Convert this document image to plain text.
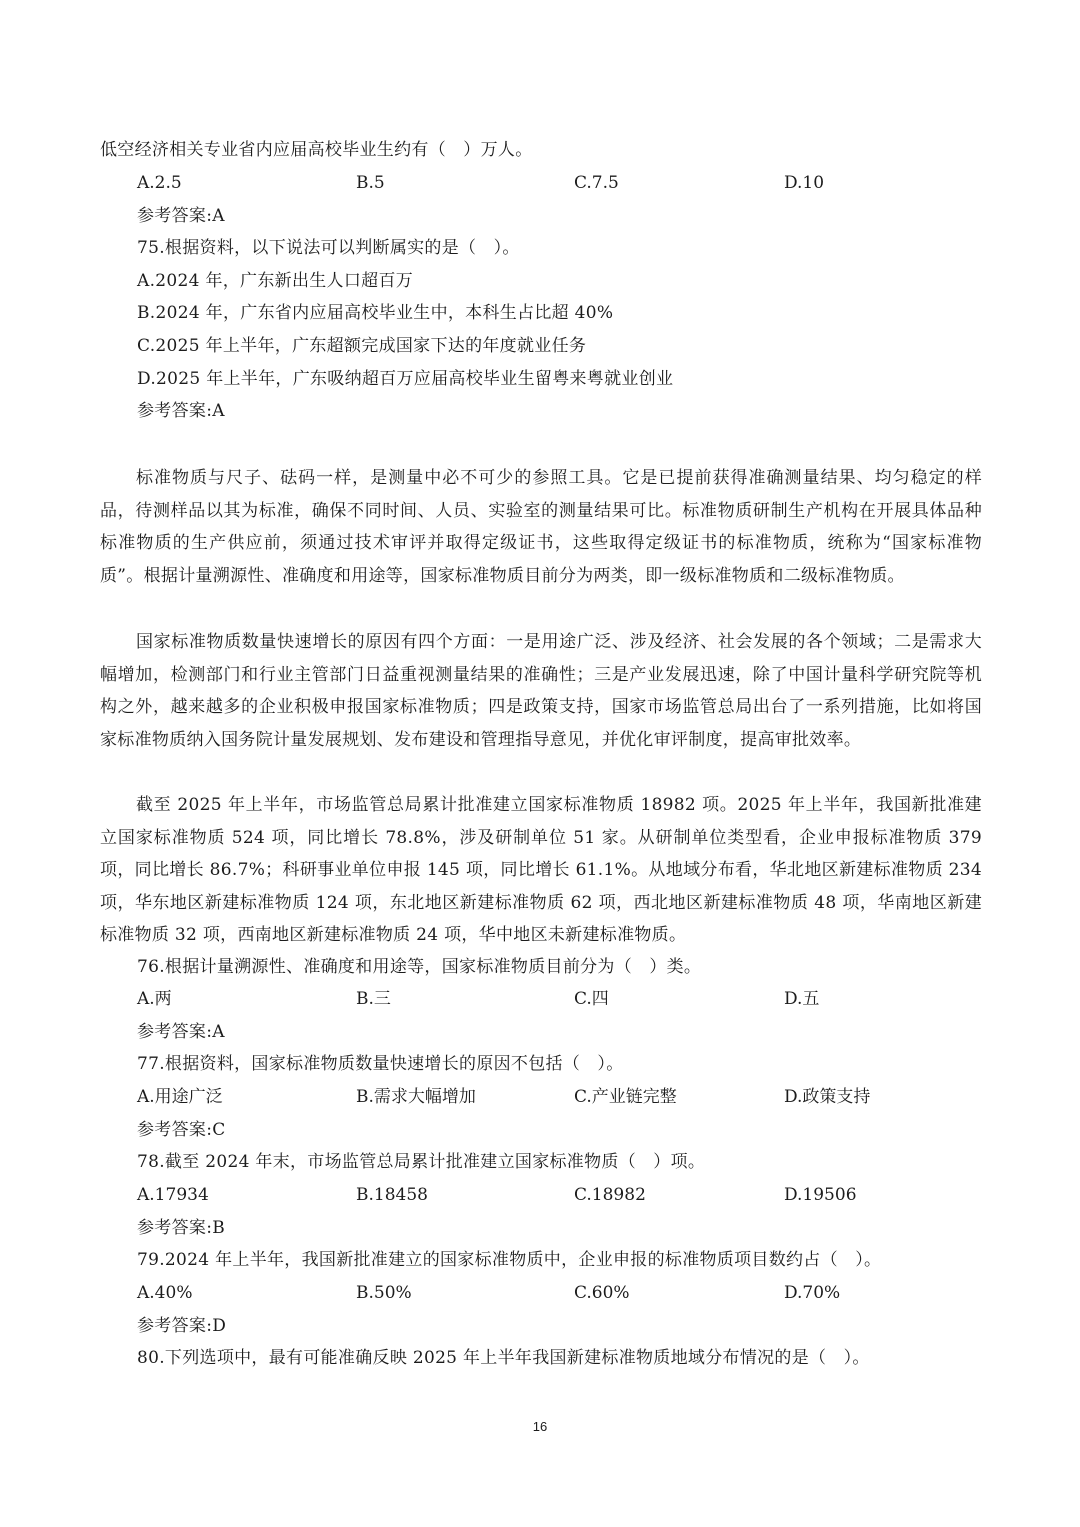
低空经济相关专业省内应届高校毕业生约有（　）万人。
A.2.5	B.5	C.7.5	D.10
参考答案:A
75.根据资料，以下说法可以判断属实的是（　）。
A.2024 年，广东新出生人口超百万
B.2024 年，广东省内应届高校毕业生中，本科生占比超 40%
C.2025 年上半年，广东超额完成国家下达的年度就业任务
D.2025 年上半年，广东吸纳超百万应届高校毕业生留粤来粤就业创业
参考答案:A
标准物质与尺子、砝码一样，是测量中必不可少的参照工具。它是已提前获得准确测量结果、均匀稳定的样品，待测样品以其为标准，确保不同时间、人员、实验室的测量结果可比。标准物质研制生产机构在开展具体品种标准物质的生产供应前，须通过技术审评并取得定级证书，这些取得定级证书的标准物质，统称为“国家标准物质”。根据计量溯源性、准确度和用途等，国家标准物质目前分为两类，即一级标准物质和二级标准物质。
国家标准物质数量快速增长的原因有四个方面：一是用途广泛、涉及经济、社会发展的各个领域；二是需求大幅增加，检测部门和行业主管部门日益重视测量结果的准确性；三是产业发展迅速，除了中国计量科学研究院等机构之外，越来越多的企业积极申报国家标准物质；四是政策支持，国家市场监管总局出台了一系列措施，比如将国家标准物质纳入国务院计量发展规划、发布建设和管理指导意见，并优化审评制度，提高审批效率。
截至 2025 年上半年，市场监管总局累计批准建立国家标准物质 18982 项。2025 年上半年，我国新批准建立国家标准物质 524 项，同比增长 78.8%，涉及研制单位 51 家。从研制单位类型看，企业申报标准物质 379 项，同比增长 86.7%；科研事业单位申报 145 项，同比增长 61.1%。从地域分布看，华北地区新建标准物质 234 项，华东地区新建标准物质 124 项，东北地区新建标准物质 62 项，西北地区新建标准物质 48 项，华南地区新建标准物质 32 项，西南地区新建标准物质 24 项，华中地区未新建标准物质。
76.根据计量溯源性、准确度和用途等，国家标准物质目前分为（　）类。
A.两	B.三	C.四	D.五
参考答案:A
77.根据资料，国家标准物质数量快速增长的原因不包括（　）。
A.用途广泛	B.需求大幅增加	C.产业链完整	D.政策支持
参考答案:C
78.截至 2024 年末，市场监管总局累计批准建立国家标准物质（　）项。
A.17934	B.18458	C.18982	D.19506
参考答案:B
79.2024 年上半年，我国新批准建立的国家标准物质中，企业申报的标准物质项目数约占（　）。
A.40%	B.50%	C.60%	D.70%
参考答案:D
80.下列选项中，最有可能准确反映 2025 年上半年我国新建标准物质地域分布情况的是（　）。
16
